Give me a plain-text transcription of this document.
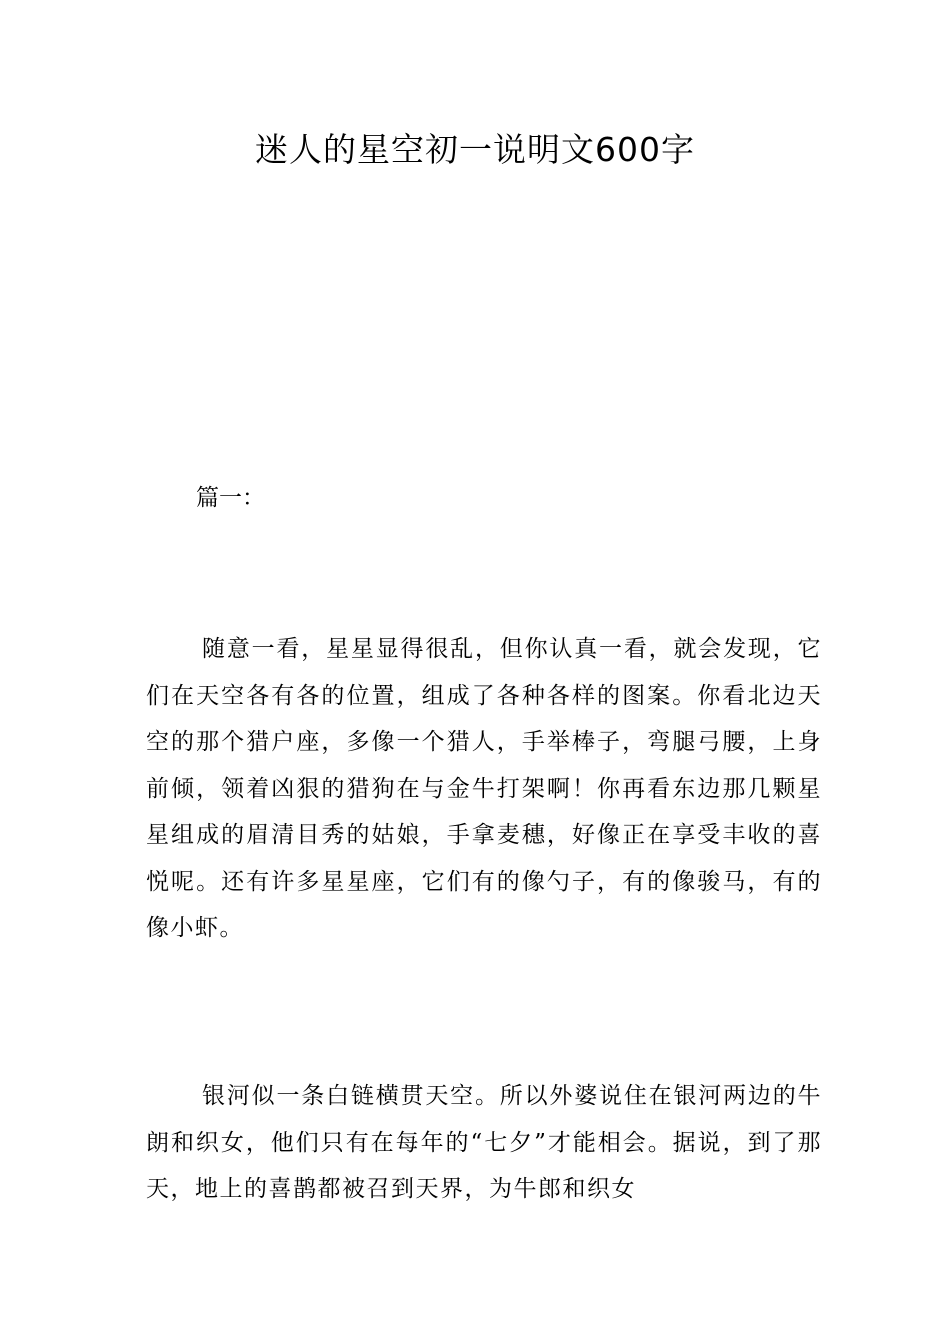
迷人的星空初一说明文600字

篇一：

随意一看，星星显得很乱，但你认真一看，就会发现，它们在天空各有各的位置，组成了各种各样的图案。你看北边天空的那个猎户座，多像一个猎人，手举棒子，弯腿弓腰，上身前倾，领着凶狠的猎狗在与金牛打架啊！你再看东边那几颗星星组成的眉清目秀的姑娘，手拿麦穗，好像正在享受丰收的喜悦呢。还有许多星星座，它们有的像勺子，有的像骏马，有的像小虾。

银河似一条白链横贯天空。所以外婆说住在银河两边的牛朗和织女，他们只有在每年的“七夕”才能相会。据说，到了那天，地上的喜鹊都被召到天界，为牛郎和织女
